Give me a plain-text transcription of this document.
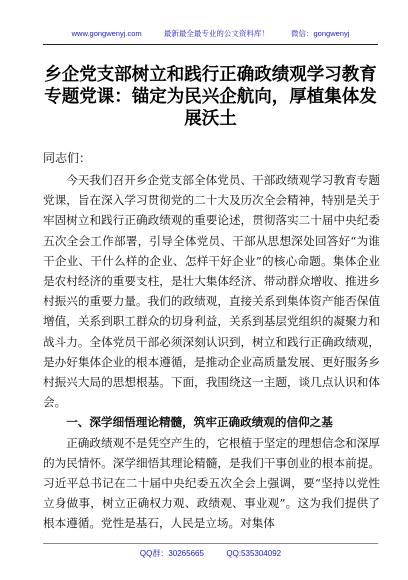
www.gongwenyj.com	最新最全最专业的公文资料库！	微信：gongwenyj
乡企党支部树立和践行正确政绩观学习教育专题党课：锚定为民兴企航向，厚植集体发展沃土
同志们：

今天我们召开乡企党支部全体党员、干部政绩观学习教育专题党课，旨在深入学习贯彻党的二十大及历次全会精神，特别是关于牢固树立和践行正确政绩观的重要论述，贯彻落实二十届中央纪委五次全会工作部署，引导全体党员、干部从思想深处回答好“为谁干企业、干什么样的企业、怎样干好企业”的核心命题。集体企业是农村经济的重要支柱，是壮大集体经济、带动群众增收、推进乡村振兴的重要力量。我们的政绩观，直接关系到集体资产能否保值增值，关系到职工群众的切身利益，关系到基层党组织的凝聚力和战斗力。全体党员干部必须深刻认识到，树立和践行正确政绩观，是办好集体企业的根本遵循，是推动企业高质量发展、更好服务乡村振兴大局的思想根基。下面，我围绕这一主题，谈几点认识和体会。

一、深学细悟理论精髓，筑牢正确政绩观的信仰之基

正确政绩观不是凭空产生的，它根植于坚定的理想信念和深厚的为民情怀。深学细悟其理论精髓，是我们干事创业的根本前提。习近平总书记在二十届中央纪委五次全会上强调，要“坚持以党性立身做事，树立正确权力观、政绩观、事业观”。这为我们提供了根本遵循。党性是基石，人民是立场。对集体

QQ群：30265665	QQ:535304092
